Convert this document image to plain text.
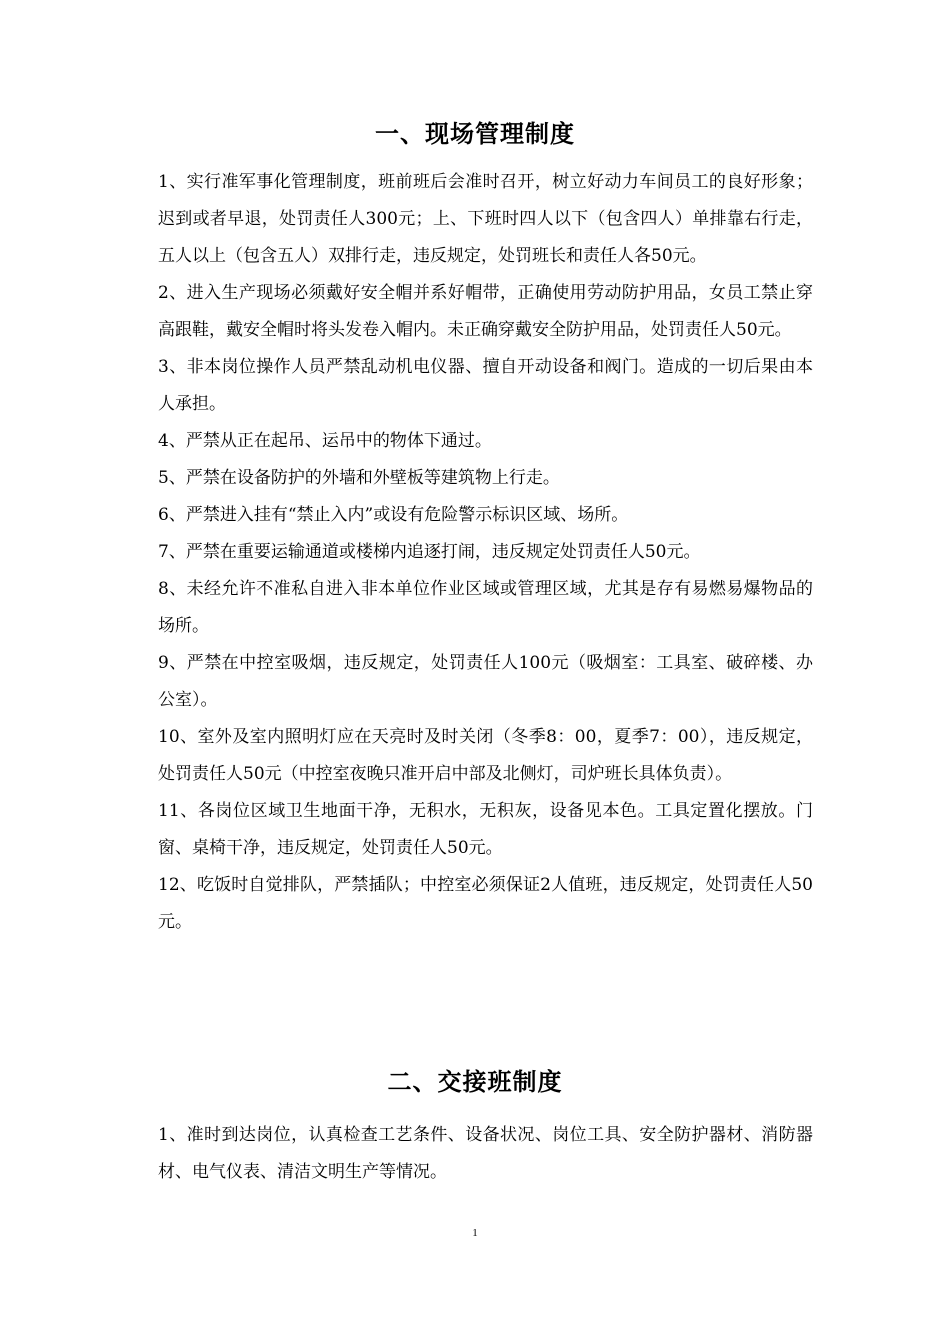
一、现场管理制度

1、实行准军事化管理制度，班前班后会准时召开，树立好动力车间员工的良好形象；迟到或者早退，处罚责任人300元；上、下班时四人以下（包含四人）单排靠右行走，五人以上（包含五人）双排行走，违反规定，处罚班长和责任人各50元。

2、进入生产现场必须戴好安全帽并系好帽带，正确使用劳动防护用品，女员工禁止穿高跟鞋，戴安全帽时将头发卷入帽内。未正确穿戴安全防护用品，处罚责任人50元。

3、非本岗位操作人员严禁乱动机电仪器、擅自开动设备和阀门。造成的一切后果由本人承担。

4、严禁从正在起吊、运吊中的物体下通过。

5、严禁在设备防护的外墙和外壁板等建筑物上行走。

6、严禁进入挂有“禁止入内”或设有危险警示标识区域、场所。

7、严禁在重要运输通道或楼梯内追逐打闹，违反规定处罚责任人50元。

8、未经允许不准私自进入非本单位作业区域或管理区域，尤其是存有易燃易爆物品的场所。

9、严禁在中控室吸烟，违反规定，处罚责任人100元（吸烟室：工具室、破碎楼、办公室）。

10、室外及室内照明灯应在天亮时及时关闭（冬季8：00，夏季7：00），违反规定，处罚责任人50元（中控室夜晚只准开启中部及北侧灯，司炉班长具体负责）。

11、各岗位区域卫生地面干净，无积水，无积灰，设备见本色。工具定置化摆放。门窗、桌椅干净，违反规定，处罚责任人50元。

12、吃饭时自觉排队，严禁插队；中控室必须保证2人值班，违反规定，处罚责任人50元。

二、交接班制度

1、准时到达岗位，认真检查工艺条件、设备状况、岗位工具、安全防护器材、消防器材、电气仪表、清洁文明生产等情况。

1
